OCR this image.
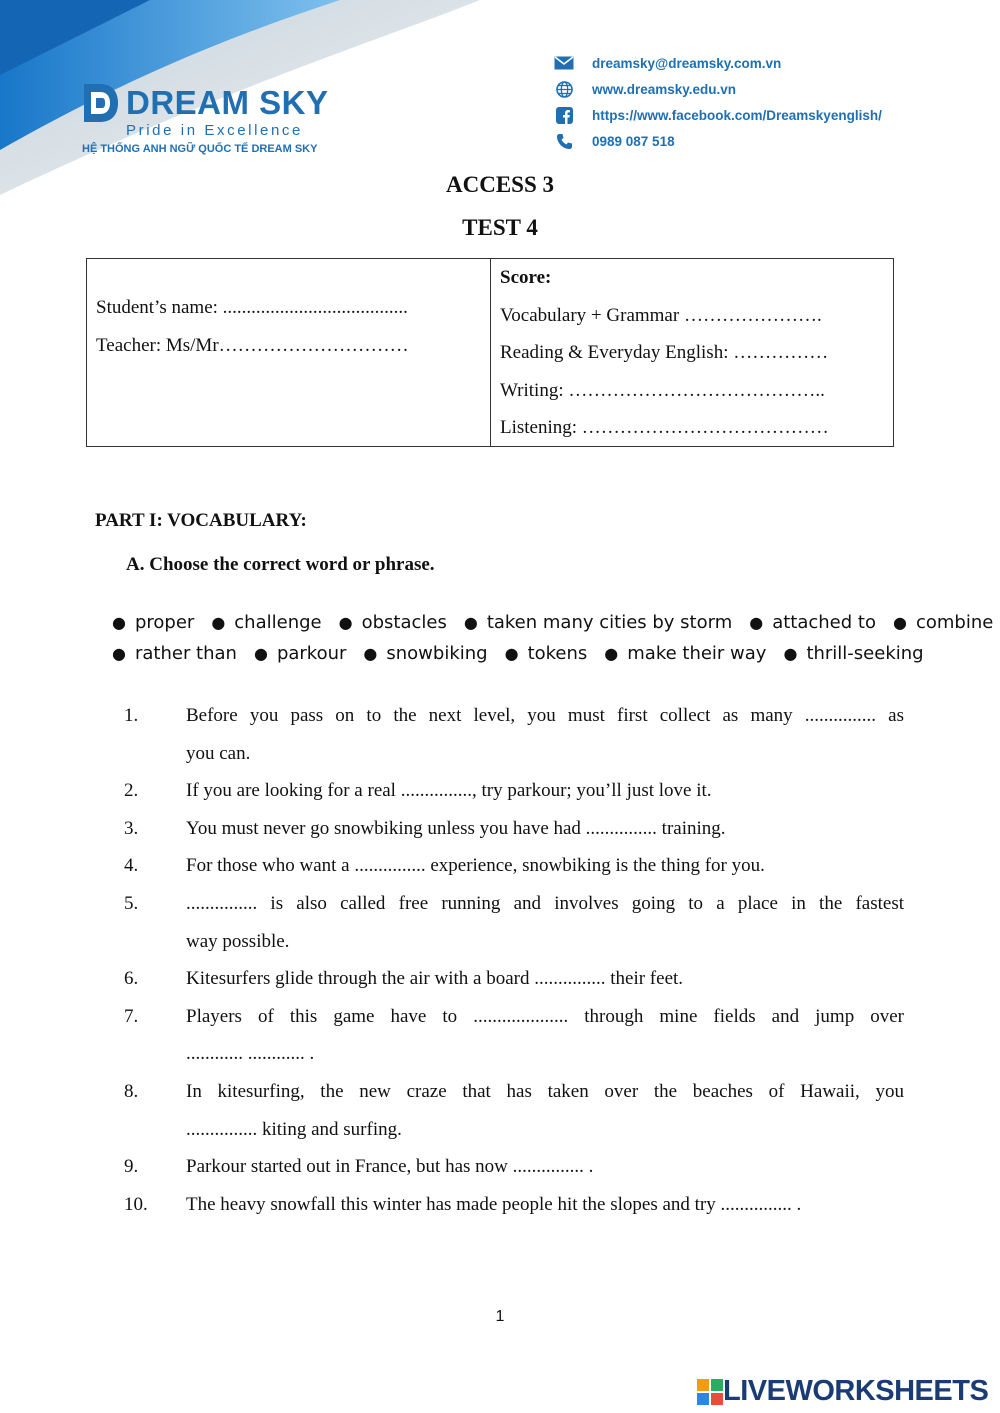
DREAM SKY
Pride in Excellence
HỆ THỐNG ANH NGỮ QUỐC TẾ DREAM SKY
dreamsky@dreamsky.com.vn
www.dreamsky.edu.vn
https://www.facebook.com/Dreamskyenglish/
0989 087 518
ACCESS 3
TEST 4
Student’s name: .......................................
Teacher: Ms/Mr…………………………
Score:
Vocabulary + Grammar ………………….
Reading & Everyday English: ……………
Writing: …………………………………..
Listening: …………………………………
PART I: VOCABULARY:
A. Choose the correct word or phrase.
● proper ● challenge ● obstacles ● taken many cities by storm ● attached to ● combine
● rather than ● parkour ● snowbiking ● tokens ● make their way ● thrill-seeking
1.	Before you pass on to the next level, you must first collect as many ............... as
you can.
2.	If you are looking for a real ..............., try parkour; you’ll just love it.
3.	You must never go snowbiking unless you have had ............... training.
4.	For those who want a ............... experience, snowbiking is the thing for you.
5.	............... is also called free running and involves going to a place in the fastest
way possible.
6.	Kitesurfers glide through the air with a board ............... their feet.
7.	Players of this game have to .................... through mine fields and jump over
............ ............ .
8.	In kitesurfing, the new craze that has taken over the beaches of Hawaii, you
............... kiting and surfing.
9.	Parkour started out in France, but has now ............... .
10.	The heavy snowfall this winter has made people hit the slopes and try ............... .
1
LIVEWORKSHEETS
